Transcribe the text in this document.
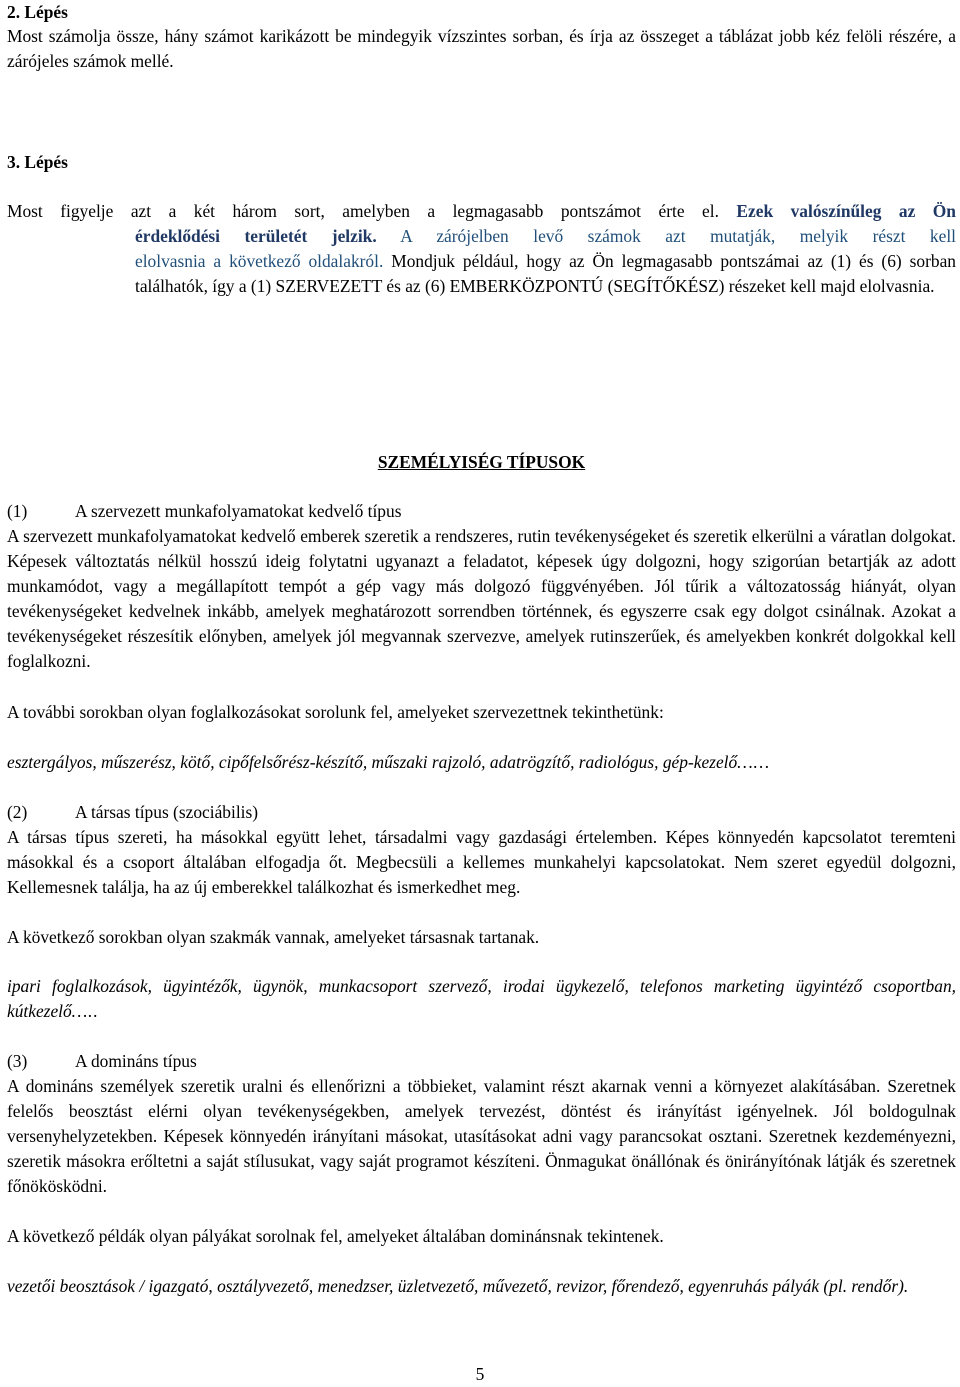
2. Lépés
Most számolja össze, hány számot karikázott be mindegyik vízszintes sorban, és írja az összeget a táblázat jobb kéz felöli részére, a zárójeles számok mellé.
3. Lépés
Most figyelje azt a két három sort, amelyben a legmagasabb pontszámot érte el. Ezek valószínűleg az Ön
érdeklődési területét jelzik. A zárójelben levő számok azt mutatják, melyik részt kell
elolvasnia a következő oldalakról. Mondjuk például, hogy az Ön legmagasabb pontszámai az (1) és (6) sorban találhatók, így a (1) SZERVEZETT és az (6) EMBERKÖZPONTÚ (SEGÍTŐKÉSZ) részeket kell majd elolvasnia.
SZEMÉLYISÉG TÍPUSOK
(1)	A szervezett munkafolyamatokat kedvelő típus
A szervezett munkafolyamatokat kedvelő emberek szeretik a rendszeres, rutin tevékenységeket és szeretik elkerülni a váratlan dolgokat. Képesek változtatás nélkül hosszú ideig folytatni ugyanazt a feladatot, képesek úgy dolgozni, hogy szigorúan betartják az adott munkamódot, vagy a megállapított tempót a gép vagy más dolgozó függvényében. Jól tűrik a változatosság hiányát, olyan tevékenységeket kedvelnek inkább, amelyek meghatározott sorrendben történnek, és egyszerre csak egy dolgot csinálnak. Azokat a tevékenységeket részesítik előnyben, amelyek jól megvannak szervezve, amelyek rutinszerűek, és amelyekben konkrét dolgokkal kell foglalkozni.
A további sorokban olyan foglalkozásokat sorolunk fel, amelyeket szervezettnek tekinthetünk:
esztergályos, műszerész, kötő, cipőfelsőrész-készítő, műszaki rajzoló, adatrögzítő, radiológus, gép-kezelő……
(2)	A társas típus (szociábilis)
A társas típus szereti, ha másokkal együtt lehet, társadalmi vagy gazdasági értelemben. Képes könnyedén kapcsolatot teremteni másokkal és a csoport általában elfogadja őt. Megbecsüli a kellemes munkahelyi kapcsolatokat. Nem szeret egyedül dolgozni, Kellemesnek találja, ha az új emberekkel találkozhat és ismerkedhet meg.
A következő sorokban olyan szakmák vannak, amelyeket társasnak tartanak.
ipari foglalkozások, ügyintézők, ügynök, munkacsoport szervező, irodai ügykezelő, telefonos marketing ügyintéző csoportban, kútkezelő…..
(3)	A domináns típus
A domináns személyek szeretik uralni és ellenőrizni a többieket, valamint részt akarnak venni a környezet alakításában. Szeretnek felelős beosztást elérni olyan tevékenységekben, amelyek tervezést, döntést és irányítást igényelnek. Jól boldogulnak versenyhelyzetekben. Képesek könnyedén irányítani másokat, utasításokat adni vagy parancsokat osztani. Szeretnek kezdeményezni, szeretik másokra erőltetni a saját stílusukat, vagy saját programot készíteni. Önmagukat önállónak és önirányítónak látják és szeretnek főnökösködni.
A következő példák olyan pályákat sorolnak fel, amelyeket általában dominánsnak tekintenek.
vezetői beosztások / igazgató, osztályvezető, menedzser, üzletvezető, művezető, revizor, főrendező, egyenruhás pályák (pl. rendőr).
5
